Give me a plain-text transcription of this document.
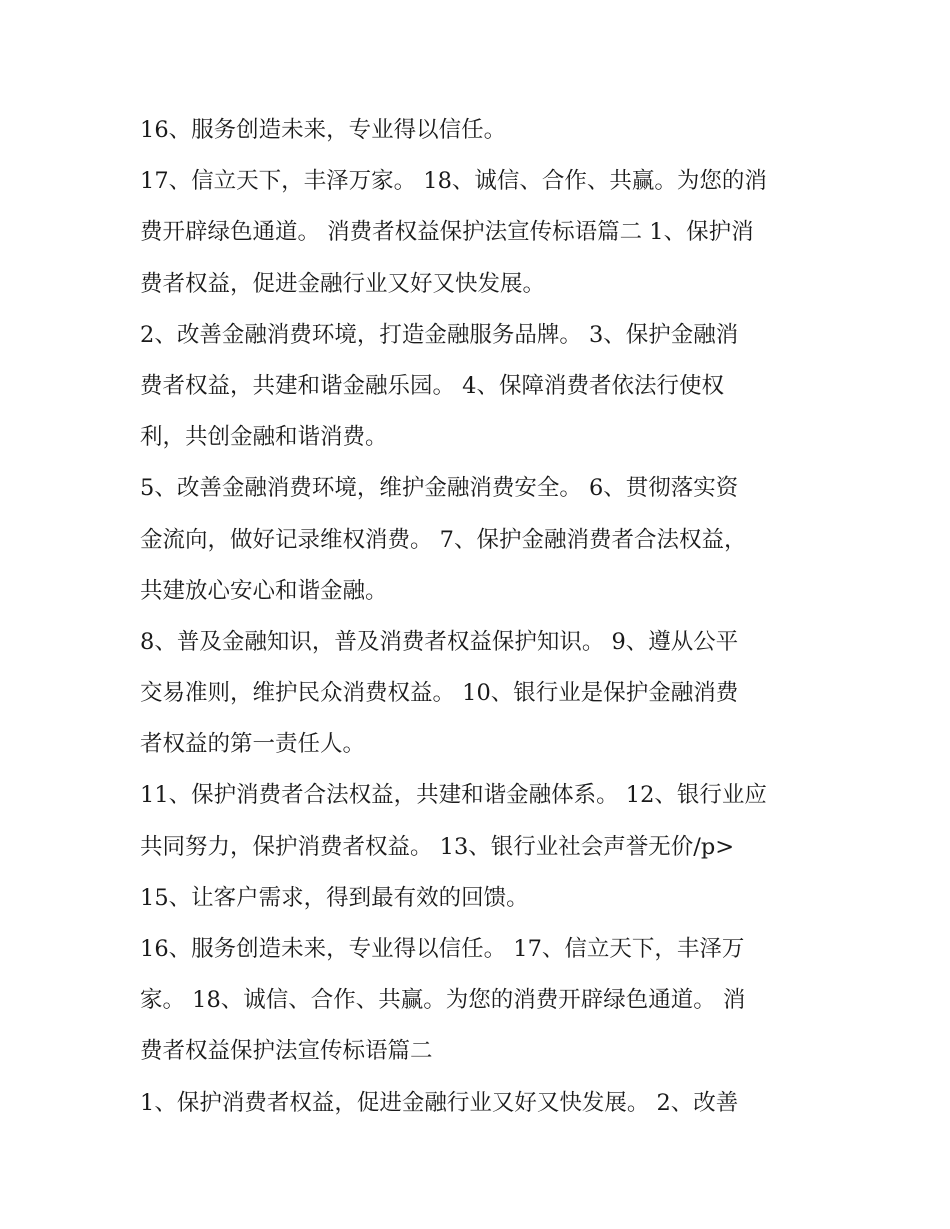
16、服务创造未来，专业得以信任。
17、信立天下，丰泽万家。 18、诚信、合作、共赢。为您的消
费开辟绿色通道。 消费者权益保护法宣传标语篇二 1、保护消
费者权益，促进金融行业又好又快发展。
2、改善金融消费环境，打造金融服务品牌。 3、保护金融消
费者权益，共建和谐金融乐园。 4、保障消费者依法行使权
利，共创金融和谐消费。
5、改善金融消费环境，维护金融消费安全。 6、贯彻落实资
金流向，做好记录维权消费。 7、保护金融消费者合法权益，
共建放心安心和谐金融。
8、普及金融知识，普及消费者权益保护知识。 9、遵从公平
交易准则，维护民众消费权益。 10、银行业是保护金融消费
者权益的第一责任人。
11、保护消费者合法权益，共建和谐金融体系。 12、银行业应
共同努力，保护消费者权益。 13、银行业社会声誉无价/p>
15、让客户需求，得到最有效的回馈。
16、服务创造未来，专业得以信任。 17、信立天下，丰泽万
家。 18、诚信、合作、共赢。为您的消费开辟绿色通道。 消
费者权益保护法宣传标语篇二
1、保护消费者权益，促进金融行业又好又快发展。 2、改善
